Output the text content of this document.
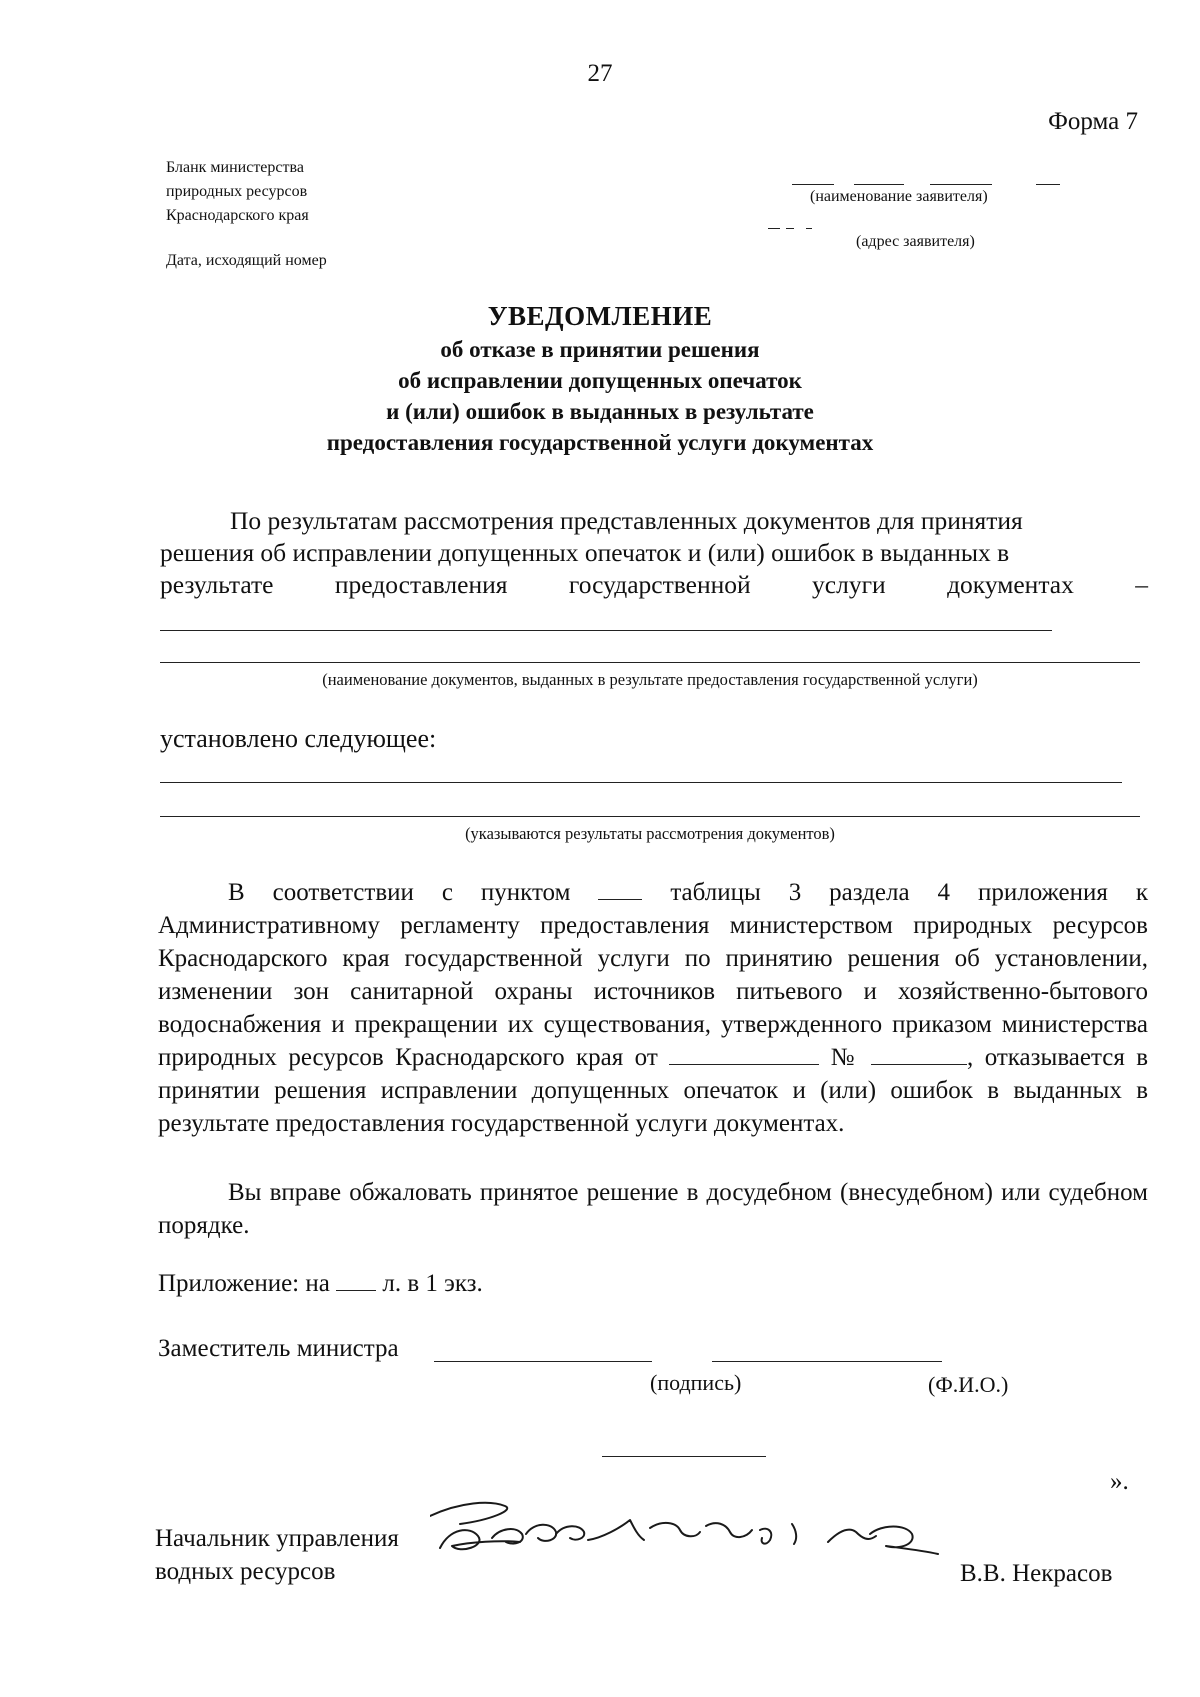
27
Форма 7
Бланк министерства
природных ресурсов
Краснодарского края
Дата, исходящий номер
(наименование заявителя)
(адрес заявителя)
УВЕДОМЛЕНИЕ
об отказе в принятии решения
об исправлении допущенных опечаток
и (или) ошибок в выданных в результате
предоставления государственной услуги документах
По результатам рассмотрения представленных документов для принятия
решения об исправлении допущенных опечаток и (или) ошибок в выданных в
результате предоставления государственной услуги документах –
(наименование документов, выданных в результате предоставления государственной услуги)
установлено следующее:
(указываются результаты рассмотрения документов)
В соответствии с пунктом	таблицы 3 раздела 4 приложения к Административному регламенту предоставления министерством природных ресурсов Краснодарского края государственной услуги по принятию решения об установлении, изменении зон санитарной охраны источников питьевого и хозяйственно-бытового водоснабжения и прекращении их существования, утвержденного приказом министерства природных ресурсов Краснодарского края от	№	, отказывается в принятии решения исправлении допущенных опечаток и (или) ошибок в выданных в результате предоставления государственной услуги документах.
Вы вправе обжаловать принятое решение в досудебном (внесудебном) или судебном порядке.
Приложение: на л. в 1 экз.
Заместитель министра
(подпись)	(Ф.И.О.)
».
Начальник управления
водных ресурсов	В.В. Некрасов
